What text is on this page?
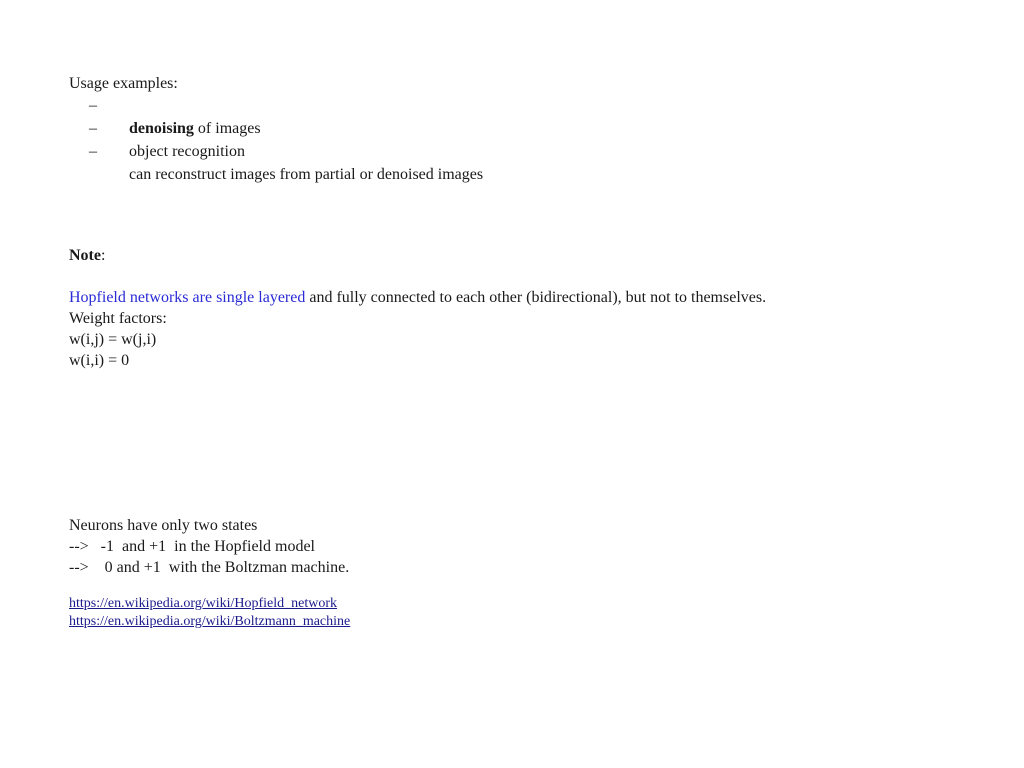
Usage examples:

–
denoising of images

–
object recognition

–
can reconstruct images from partial or denoised images

Note:
Hopfield networks are single layered and fully connected to each other (bidirectional), but not to themselves.
Weight factors:
w(i,j) = w(j,i)
w(i,i) = 0
Neurons have only two states
-->   -1  and +1  in the Hopfield model
-->    0 and +1  with the Boltzman machine.
https://en.wikipedia.org/wiki/Hopfield_network
https://en.wikipedia.org/wiki/Boltzmann_machine
